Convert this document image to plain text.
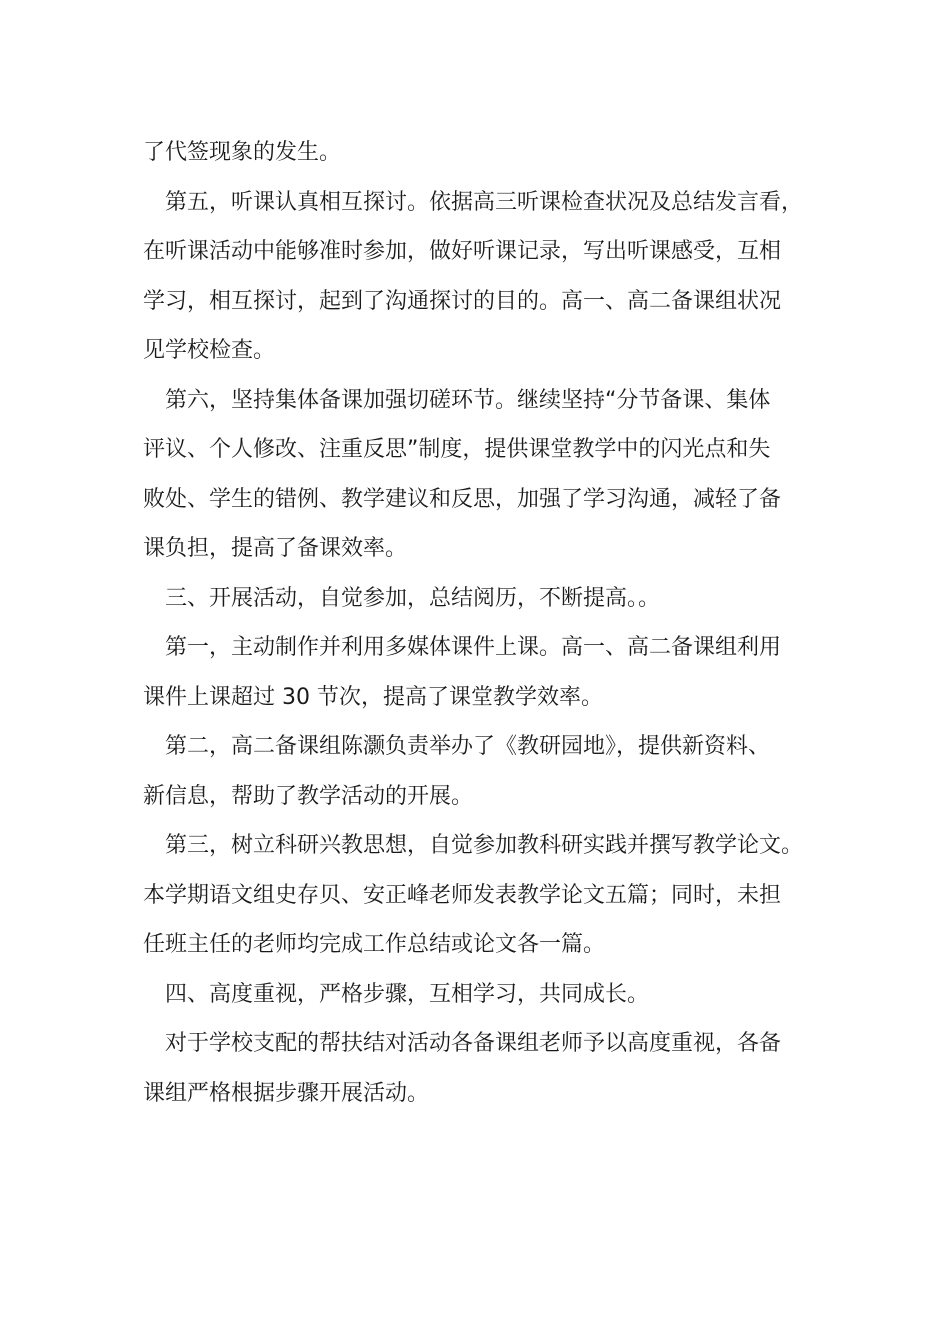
了代签现象的发生。
第五，听课认真相互探讨。依据高三听课检查状况及总结发言看，
在听课活动中能够准时参加，做好听课记录，写出听课感受，互相
学习，相互探讨，起到了沟通探讨的目的。高一、高二备课组状况
见学校检查。
第六，坚持集体备课加强切磋环节。继续坚持“分节备课、集体
评议、个人修改、注重反思”制度，提供课堂教学中的闪光点和失
败处、学生的错例、教学建议和反思，加强了学习沟通，减轻了备
课负担，提高了备课效率。
三、开展活动，自觉参加，总结阅历，不断提高。。
第一，主动制作并利用多媒体课件上课。高一、高二备课组利用
课件上课超过 30 节次，提高了课堂教学效率。
第二，高二备课组陈灏负责举办了《教研园地》，提供新资料、
新信息，帮助了教学活动的开展。
第三，树立科研兴教思想，自觉参加教科研实践并撰写教学论文。
本学期语文组史存贝、安正峰老师发表教学论文五篇；同时，未担
任班主任的老师均完成工作总结或论文各一篇。
四、高度重视，严格步骤，互相学习，共同成长。
对于学校支配的帮扶结对活动各备课组老师予以高度重视，各备
课组严格根据步骤开展活动。
